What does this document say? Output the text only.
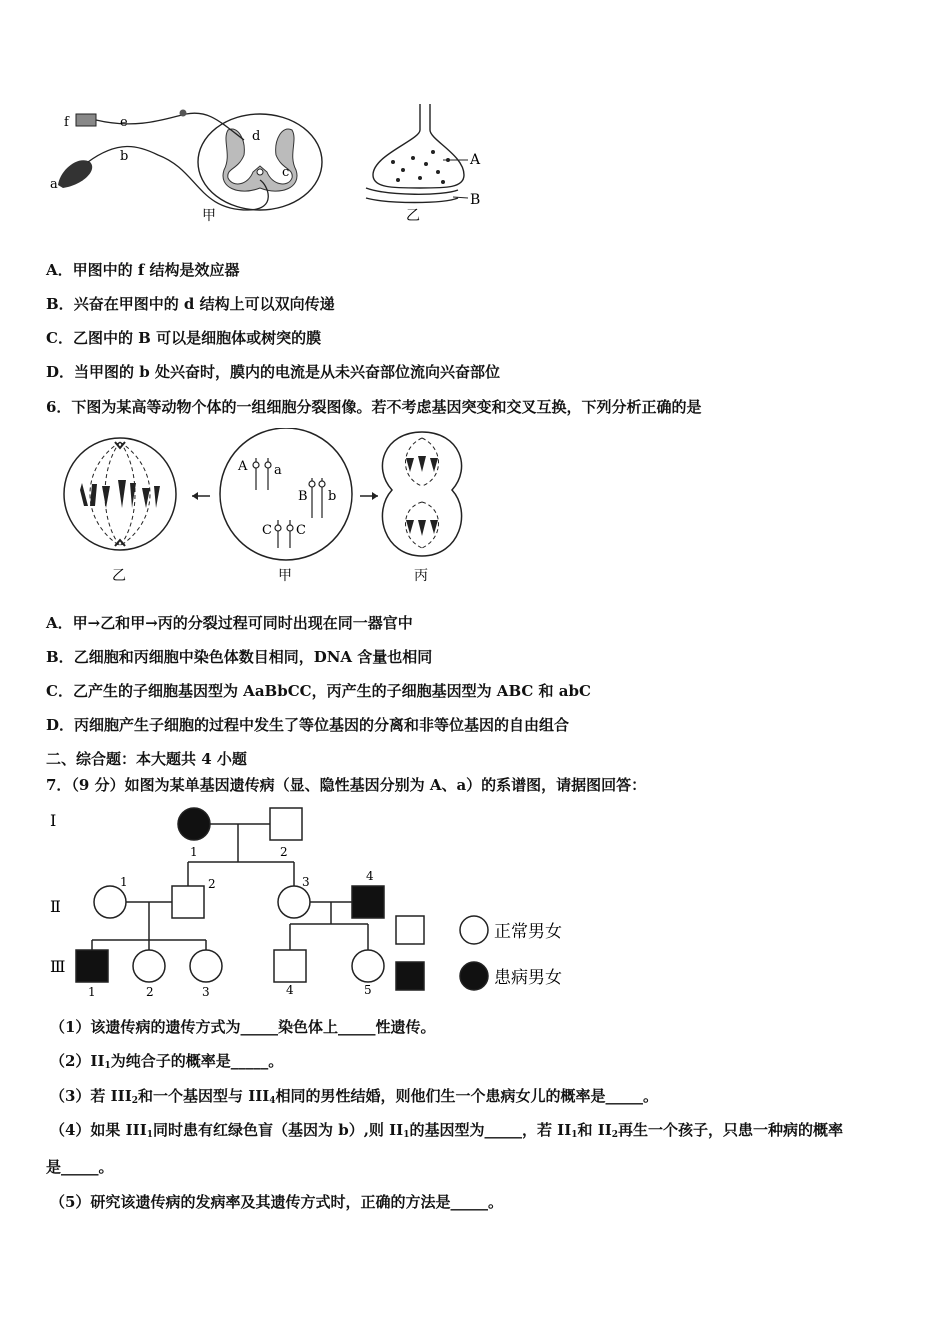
f	e
d
b
a
c
甲
A
B
乙
A．甲图中的 f 结构是效应器
B．兴奋在甲图中的 d 结构上可以双向传递
C．乙图中的 B 可以是细胞体或树突的膜
D．当甲图的 b 处兴奋时，膜内的电流是从未兴奋部位流向兴奋部位
6．下图为某高等动物个体的一组细胞分裂图像。若不考虑基因突变和交叉互换，下列分析正确的是
乙
A a
B b
C C
甲	丙
A．甲→乙和甲→丙的分裂过程可同时出现在同一器官中
B．乙细胞和丙细胞中染色体数目相同，DNA 含量也相同
C．乙产生的子细胞基因型为 AaBbCC，丙产生的子细胞基因型为 ABC 和 abC
D．丙细胞产生子细胞的过程中发生了等位基因的分离和非等位基因的自由组合
二、综合题：本大题共 4 小题
7．（9 分）如图为某单基因遗传病（显、隐性基因分别为 A、a）的系谱图，请据图回答：
Ⅰ
Ⅱ
Ⅲ
1	2
1	2	3	4
1	2	3	4	5
正常男女
患病男女
（1）该遗传病的遗传方式为_____染色体上_____性遗传。
$(2)II_1$为纯合子的概率是_____。
（3）若 $III_2$和一个基因型与 $III_4$相同的男性结婚，则他们生一个患病女儿的概率是_____。
（4）如果 $III_1$同时患有红绿色盲（基因为 b）,则 $II_1$的基因型为_____，若 $II_1$和 $II_2$再生一个孩子，只患一种病的概率
是_____。
（5）研究该遗传病的发病率及其遗传方式时，正确的方法是_____。
